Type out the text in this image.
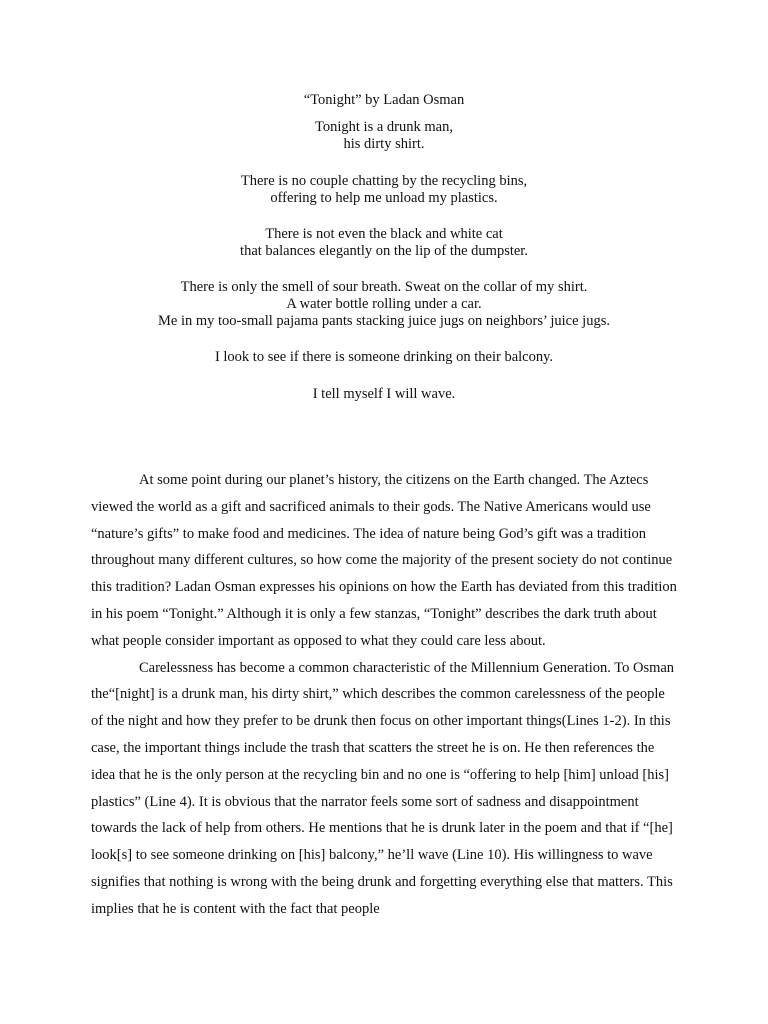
“Tonight” by Ladan Osman
Tonight is a drunk man,
his dirty shirt.
There is no couple chatting by the recycling bins,
offering to help me unload my plastics.
There is not even the black and white cat
that balances elegantly on the lip of the dumpster.
There is only the smell of sour breath. Sweat on the collar of my shirt.
A water bottle rolling under a car.
Me in my too-small pajama pants stacking juice jugs on neighbors’ juice jugs.
I look to see if there is someone drinking on their balcony.
I tell myself I will wave.

At some point during our planet’s history, the citizens on the Earth changed. The Aztecs viewed the world as a gift and sacrificed animals to their gods. The Native Americans would use “nature’s gifts” to make food and medicines. The idea of nature being God’s gift was a tradition throughout many different cultures, so how come the majority of the present society do not continue this tradition? Ladan Osman expresses his opinions on how the Earth has deviated from this tradition in his poem “Tonight.” Although it is only a few stanzas, “Tonight” describes the dark truth about what people consider important as opposed to what they could care less about.

Carelessness has become a common characteristic of the Millennium Generation. To Osman the“[night] is a drunk man, his dirty shirt,” which describes the common carelessness of the people of the night and how they prefer to be drunk then focus on other important things(Lines 1-2). In this case, the important things include the trash that scatters the street he is on. He then references the idea that he is the only person at the recycling bin and no one is “offering to help [him] unload [his] plastics” (Line 4). It is obvious that the narrator feels some sort of sadness and disappointment towards the lack of help from others. He mentions that he is drunk later in the poem and that if “[he] look[s] to see someone drinking on [his] balcony,” he’ll wave (Line 10). His willingness to wave signifies that nothing is wrong with the being drunk and forgetting everything else that matters. This implies that he is content with the fact that people
